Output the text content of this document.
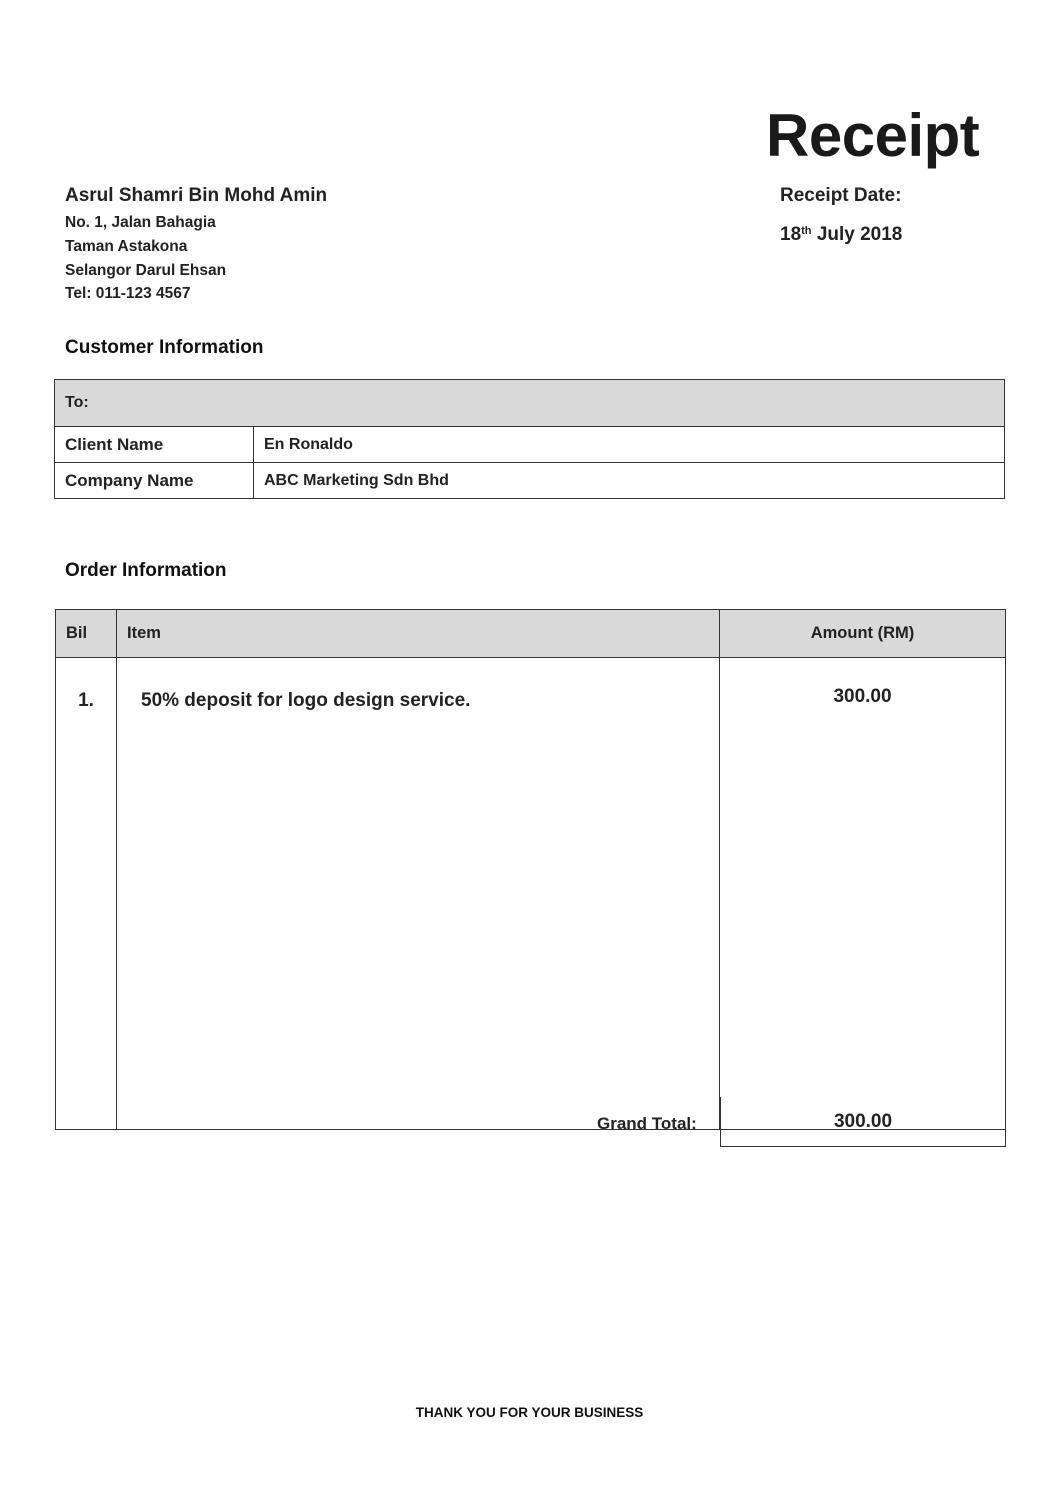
Receipt
Asrul Shamri Bin Mohd Amin
No. 1, Jalan Bahagia
Taman Astakona
Selangor Darul Ehsan
Tel: 011-123 4567
Receipt Date:
18th July 2018
Customer Information
To:	
Client Name	En Ronaldo
Company Name	ABC Marketing Sdn Bhd
Order Information
Bil	Item	Amount (RM)
1.	50% deposit for logo design service.	300.00
Grand Total:	300.00
THANK YOU FOR YOUR BUSINESS
